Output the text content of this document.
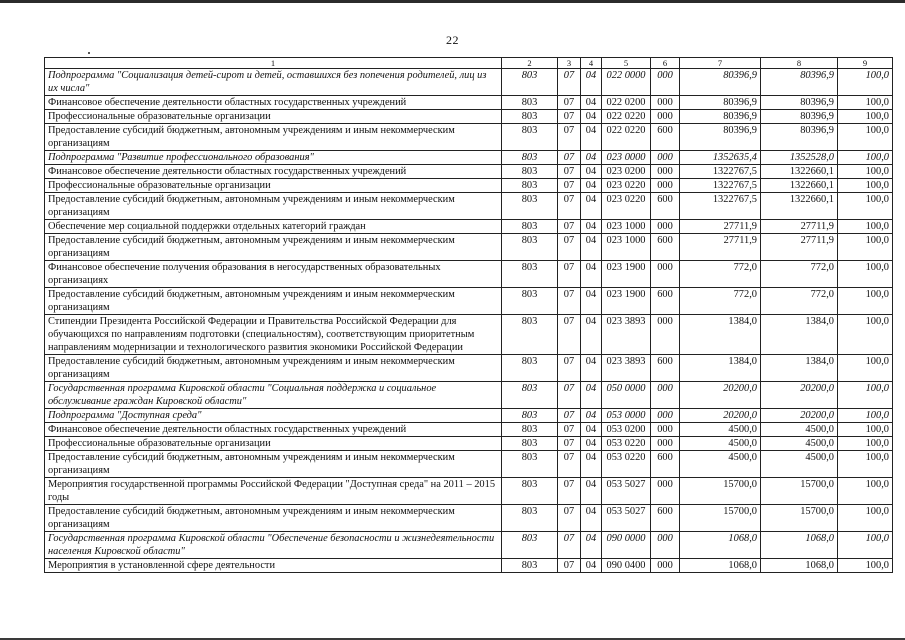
22
1	2	3	4	5	6	7	8	9
Подпрограмма "Социализация детей-сирот и детей, оставшихся без попечения родителей, лиц из их числа"	803	07	04	022 0000	000	80396,9	80396,9	100,0
Финансовое обеспечение деятельности областных государственных учреждений	803	07	04	022 0200	000	80396,9	80396,9	100,0
Профессиональные образовательные организации	803	07	04	022 0220	000	80396,9	80396,9	100,0
Предоставление субсидий бюджетным, автономным учреждениям и иным некоммерческим организациям	803	07	04	022 0220	600	80396,9	80396,9	100,0
Подпрограмма "Развитие профессионального образования"	803	07	04	023 0000	000	1352635,4	1352528,0	100,0
Финансовое обеспечение деятельности областных государственных учреждений	803	07	04	023 0200	000	1322767,5	1322660,1	100,0
Профессиональные образовательные организации	803	07	04	023 0220	000	1322767,5	1322660,1	100,0
Предоставление субсидий бюджетным, автономным учреждениям и иным некоммерческим организациям	803	07	04	023 0220	600	1322767,5	1322660,1	100,0
Обеспечение мер социальной поддержки отдельных категорий граждан	803	07	04	023 1000	000	27711,9	27711,9	100,0
Предоставление субсидий бюджетным, автономным учреждениям и иным некоммерческим организациям	803	07	04	023 1000	600	27711,9	27711,9	100,0
Финансовое обеспечение получения образования в негосударственных образовательных организациях	803	07	04	023 1900	000	772,0	772,0	100,0
Предоставление субсидий бюджетным, автономным учреждениям и иным некоммерческим организациям	803	07	04	023 1900	600	772,0	772,0	100,0
Стипендии Президента Российской Федерации и Правительства Российской Федерации для обучающихся по направлениям подготовки (специальностям), соответствующим приоритетным направлениям модернизации и технологического развития экономики Российской Федерации	803	07	04	023 3893	000	1384,0	1384,0	100,0
Предоставление субсидий бюджетным, автономным учреждениям и иным некоммерческим организациям	803	07	04	023 3893	600	1384,0	1384,0	100,0
Государственная программа Кировской области "Социальная поддержка и социальное обслуживание граждан Кировской области"	803	07	04	050 0000	000	20200,0	20200,0	100,0
Подпрограмма "Доступная среда"	803	07	04	053 0000	000	20200,0	20200,0	100,0
Финансовое обеспечение деятельности областных государственных учреждений	803	07	04	053 0200	000	4500,0	4500,0	100,0
Профессиональные образовательные организации	803	07	04	053 0220	000	4500,0	4500,0	100,0
Предоставление субсидий бюджетным, автономным учреждениям и иным некоммерческим организациям	803	07	04	053 0220	600	4500,0	4500,0	100,0
Мероприятия государственной программы Российской Федерации "Доступная среда" на 2011 – 2015 годы	803	07	04	053 5027	000	15700,0	15700,0	100,0
Предоставление субсидий бюджетным, автономным учреждениям и иным некоммерческим организациям	803	07	04	053 5027	600	15700,0	15700,0	100,0
Государственная программа Кировской области "Обеспечение безопасности и жизнедеятельности населения Кировской области"	803	07	04	090 0000	000	1068,0	1068,0	100,0
Мероприятия в установленной сфере деятельности	803	07	04	090 0400	000	1068,0	1068,0	100,0
